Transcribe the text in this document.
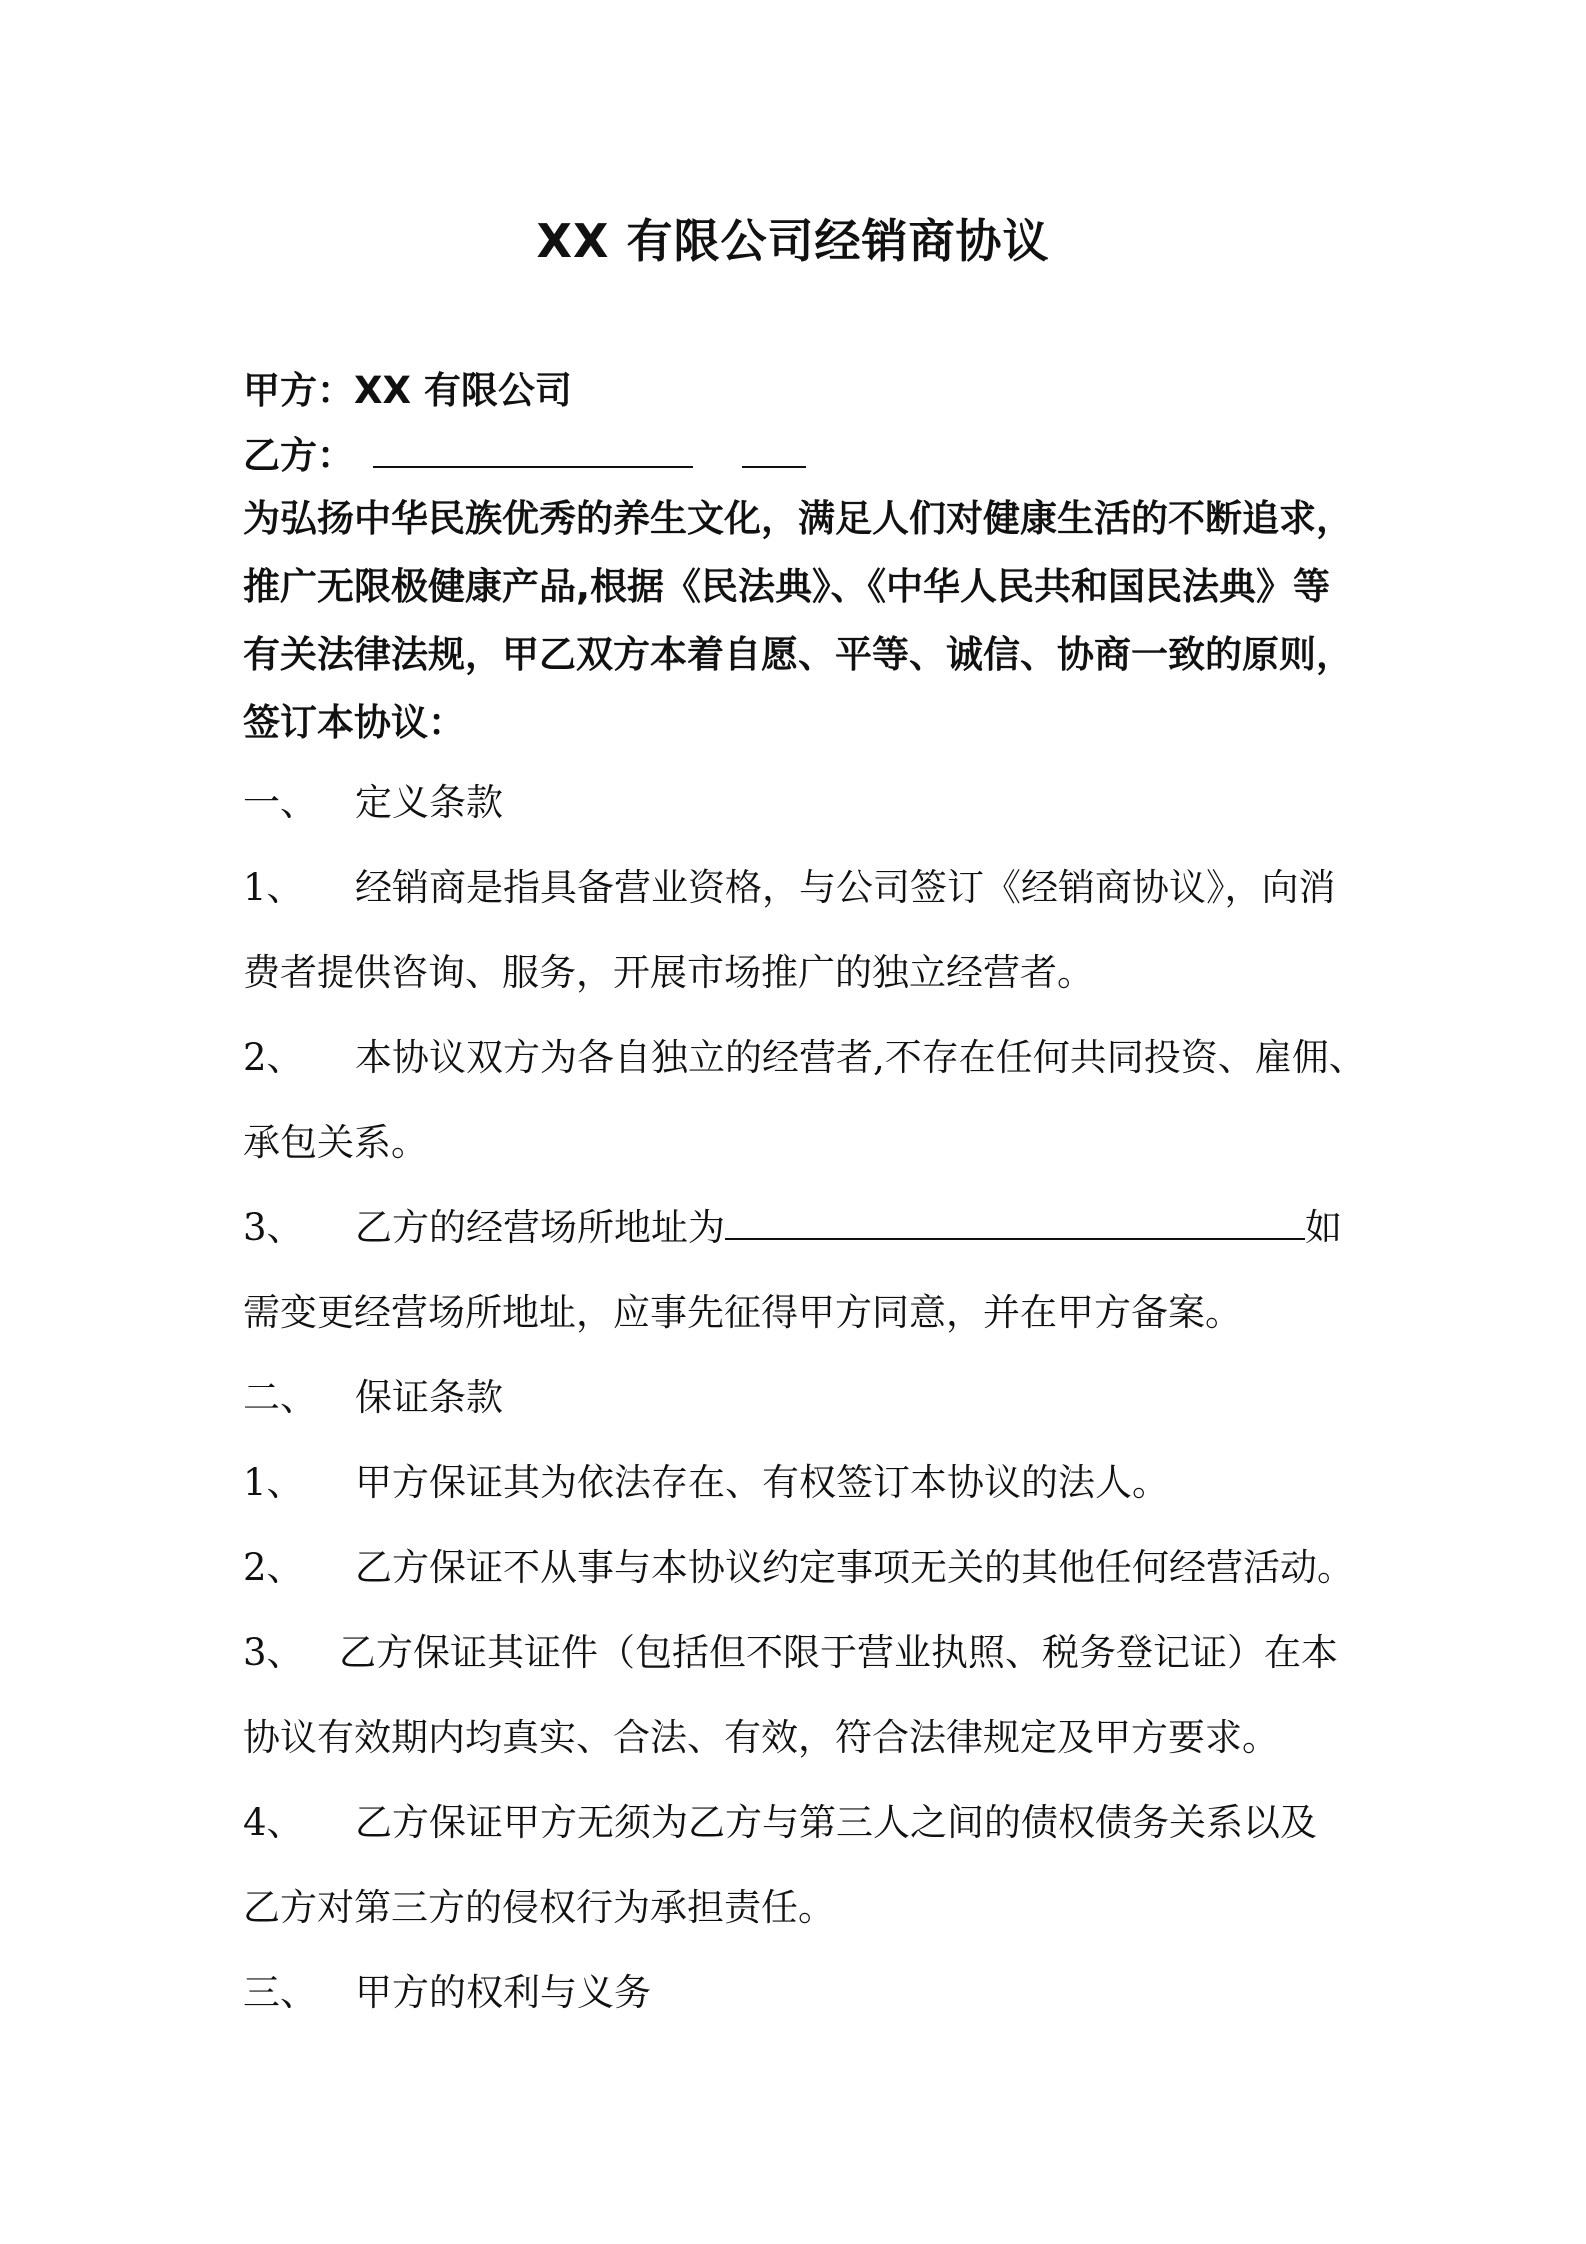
XX 有限公司经销商协议
甲方：XX 有限公司
乙方：
为弘扬中华民族优秀的养生文化，满足人们对健康生活的不断追求，
推广无限极健康产品,根据《民法典》、《中华人民共和国民法典》等
有关法律法规，甲乙双方本着自愿、平等、诚信、协商一致的原则，
签订本协议：
一、 定义条款
1、 经销商是指具备营业资格，与公司签订《经销商协议》，向消
费者提供咨询、服务，开展市场推广的独立经营者。
2、 本协议双方为各自独立的经营者,不存在任何共同投资、雇佣、
承包关系。
3、 乙方的经营场所地址为	如
需变更经营场所地址，应事先征得甲方同意，并在甲方备案。
二、 保证条款
1、 甲方保证其为依法存在、有权签订本协议的法人。
2、 乙方保证不从事与本协议约定事项无关的其他任何经营活动。
3、 乙方保证其证件（包括但不限于营业执照、税务登记证）在本
协议有效期内均真实、合法、有效，符合法律规定及甲方要求。
4、 乙方保证甲方无须为乙方与第三人之间的债权债务关系以及
乙方对第三方的侵权行为承担责任。
三、 甲方的权利与义务
